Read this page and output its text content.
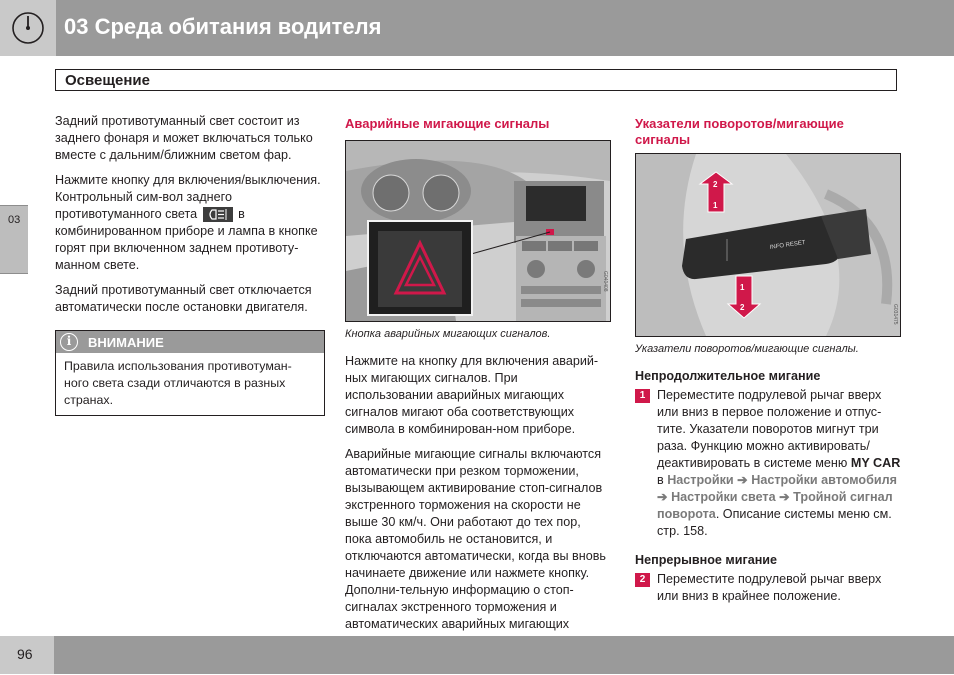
03 Среда обитания водителя
Освещение
03

Задний противотуманный свет состоит из заднего фонаря и может включаться только вместе с дальним/ближним светом фар.

Нажмите кнопку для включения/выключения. Контрольный сим-вол заднего противотуманного света	в комбинированном приборе и лампа в кнопке горят при включенном заднем противоту-манном свете.

Задний противотуманный свет отключается автоматически после остановки двигателя.

i	ВНИМАНИЕ
Правила использования противотуман-ного света сзади отличаются в разных странах.
Аварийные мигающие сигналы
G040408
Кнопка аварийных мигающих сигналов.

Нажмите на кнопку для включения аварий-ных мигающих сигналов. При использовании аварийных мигающих сигналов мигают оба соответствующих символа в комбинирован-ном приборе.

Аварийные мигающие сигналы включаются автоматически при резком торможении, вызывающем активирование стоп-сигналов экстренного торможения на скорости не выше 30 км/ч. Они работают до тех пор, пока автомобиль не остановится, и отключаются автоматически, когда вы вновь начинаете движение или нажмете кнопку. Дополни-тельную информацию о стоп-сигналах экстренного торможения и автоматических аварийных мигающих

Указатели поворотов/мигающие сигналы
INFO RESET
2
1
1
2	G031475
Указатели поворотов/мигающие сигналы.
Непродолжительное мигание
1 Переместите подрулевой рычаг вверх или вниз в первое положение и отпус-тите. Указатели поворотов мигнут три раза. Функцию можно активировать/ деактивировать в системе меню MY CAR в Настройки ➔ Настройки автомобиля ➔ Настройки света ➔ Тройной сигнал поворота. Описание системы меню см. стр. 158.
Непрерывное мигание
2 Переместите подрулевой рычаг вверх или вниз в крайнее положение.
96
